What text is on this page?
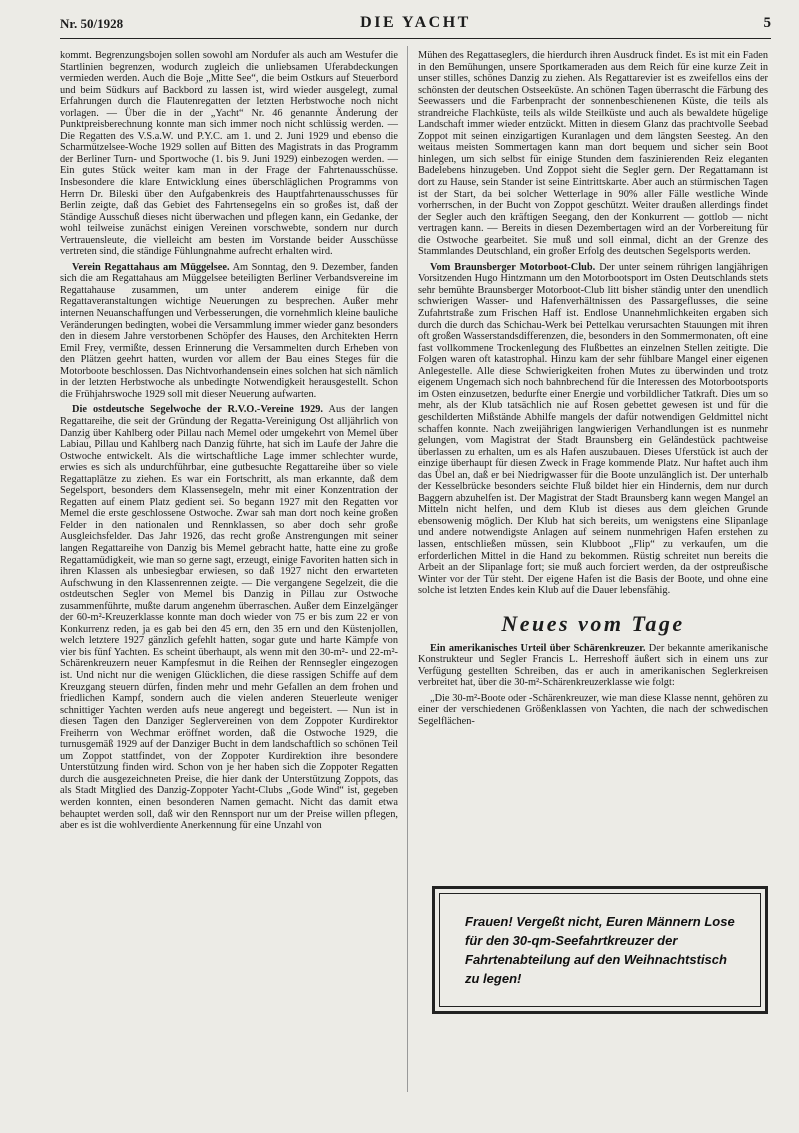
Nr. 50/1928	DIE YACHT	5

kommt. Begrenzungsbojen sollen sowohl am Nordufer als auch am Westufer die Startlinien begrenzen, wodurch zugleich die unliebsamen Uferabdeckungen vermieden werden. Auch die Boje „Mitte See“, die beim Ostkurs auf Steuerbord und beim Südkurs auf Backbord zu lassen ist, wird wieder ausgelegt, zumal Erfahrungen durch die Flautenregatten der letzten Herbstwoche noch nicht vorlagen. — Über die in der „Yacht“ Nr. 46 genannte Änderung der Punktpreisberechnung konnte man sich immer noch nicht schlüssig werden. — Die Regatten des V.S.a.W. und P.Y.C. am 1. und 2. Juni 1929 und ebenso die Scharmützelsee-Woche 1929 sollen auf Bitten des Magistrats in das Programm der Berliner Turn- und Sportwoche (1. bis 9. Juni 1929) einbezogen werden. — Ein gutes Stück weiter kam man in der Frage der Fahrtenausschüsse. Insbesondere die klare Entwicklung eines überschläglichen Programms von Herrn Dr. Bileski über den Aufgabenkreis des Hauptfahrtenausschusses für Berlin zeigte, daß das Gebiet des Fahrtensegelns ein so großes ist, daß der Ständige Ausschuß dieses nicht überwachen und pflegen kann, ein Gedanke, der wohl teilweise zunächst einigen Vereinen vorschwebte, sondern nur durch Vertrauensleute, die vielleicht am besten im Vorstande beider Ausschüsse vertreten sind, die ständige Fühlungnahme aufrecht erhalten wird.

Verein Regattahaus am Müggelsee. Am Sonntag, den 9. Dezember, fanden sich die am Regattahaus am Müggelsee beteiligten Berliner Verbandsvereine im Regattahause zusammen, um unter anderem einige für die Regattaveranstaltungen wichtige Neuerungen zu besprechen. Außer mehr internen Neuanschaffungen und Verbesserungen, die vornehmlich kleine bauliche Veränderungen bedingten, wobei die Versammlung immer wieder ganz besonders den in diesem Jahre verstorbenen Schöpfer des Hauses, den Architekten Herrn Emil Frey, vermißte, dessen Erinnerung die Versammelten durch Erheben von den Plätzen geehrt hatten, wurden vor allem der Bau eines Steges für die Motorboote beschlossen. Das Nichtvorhandensein eines solchen hat sich nämlich in der letzten Herbstwoche als unbedingte Notwendigkeit herausgestellt. Schon die Frühjahrswoche 1929 soll mit dieser Neuerung aufwarten.

Die ostdeutsche Segelwoche der R.V.O.-Vereine 1929. Aus der langen Regattareihe, die seit der Gründung der Regatta-Vereinigung Ost alljährlich von Danzig über Kahlberg oder Pillau nach Memel oder umgekehrt von Memel über Labiau, Pillau und Kahlberg nach Danzig führte, hat sich im Laufe der Jahre die Ostwoche entwickelt. Als die wirtschaftliche Lage immer schlechter wurde, erwies es sich als undurchführbar, eine gutbesuchte Regattareihe über so viele Regattaplätze zu ziehen. Es war ein Fortschritt, als man erkannte, daß dem Segelsport, besonders dem Klassensegeln, mehr mit einer Konzentration der Regatten auf einem Platz gedient sei. So begann 1927 mit den Regatten vor Memel die erste geschlossene Ostwoche. Zwar sah man dort noch keine großen Felder in den nationalen und Rennklassen, so aber doch sehr große Ausgleichsfelder. Das Jahr 1926, das recht große Anstrengungen mit seiner langen Regattareihe von Danzig bis Memel gebracht hatte, hatte eine zu große Regattamüdigkeit, wie man so gerne sagt, erzeugt, einige Favoriten hatten sich in ihren Klassen als unbesiegbar erwiesen, so daß 1927 nicht den erwarteten Aufschwung in den Klassenrennen zeigte. — Die vergangene Segelzeit, die die ostdeutschen Segler von Memel bis Danzig in Pillau zur Ostwoche zusammenführte, mußte darum angenehm überraschen. Außer dem Einzelgänger der 60-m²-Kreuzerklasse konnte man doch wieder von 75 er bis zum 22 er von Konkurrenz reden, ja es gab bei den 45 ern, den 35 ern und den Küstenjollen, welch letztere 1927 gänzlich gefehlt hatten, sogar gute und harte Kämpfe von vier bis fünf Yachten. Es scheint überhaupt, als wenn mit den 30-m²- und 22-m²-Schärenkreuzern neuer Kampfesmut in die Reihen der Rennsegler eingezogen ist. Und nicht nur die wenigen Glücklichen, die diese rassigen Schiffe auf dem Kreuzgang steuern dürfen, finden mehr und mehr Gefallen an dem frohen und friedlichen Kampf, sondern auch die vielen anderen Steuerleute weniger schnittiger Yachten werden aufs neue angeregt und begeistert. — Nun ist in diesen Tagen den Danziger Seglervereinen von dem Zoppoter Kurdirektor Freiherrn von Wechmar eröffnet worden, daß die Ostwoche 1929, die turnusgemäß 1929 auf der Danziger Bucht in dem landschaftlich so schönen Teil um Zoppot stattfindet, von der Zoppoter Kurdirektion ihre besondere Unterstützung finden wird. Schon von je her haben sich die Zoppoter Regatten durch die ausgezeichneten Preise, die hier dank der Unterstützung Zoppots, das als Stadt Mitglied des Danzig-Zoppoter Yacht-Clubs „Gode Wind“ ist, gegeben werden konnten, einen besonderen Namen gemacht. Nicht das damit etwa behauptet werden soll, daß wir den Rennsport nur um der Preise willen pflegen, aber es ist die wohlverdiente Anerkennung für eine Unzahl von

Mühen des Regattaseglers, die hierdurch ihren Ausdruck findet. Es ist mit ein Faden in den Bemühungen, unsere Sportkameraden aus dem Reich für eine kurze Zeit in unser stilles, schönes Danzig zu ziehen. Als Regattarevier ist es zweifellos eins der schönsten der deutschen Ostseeküste. An schönen Tagen überrascht die Färbung des Seewassers und die Farbenpracht der sonnenbeschienenen Küste, die teils als strandreiche Flachküste, teils als wilde Steilküste und auch als bewaldete hügelige Landschaft immer wieder entzückt. Mitten in diesem Glanz das prachtvolle Seebad Zoppot mit seinen einzigartigen Kuranlagen und dem längsten Seesteg. An den weitaus meisten Sommertagen kann man dort bequem und sicher sein Boot hinlegen, um sich selbst für einige Stunden dem faszinierenden Reiz eleganten Badelebens hinzugeben. Und Zoppot sieht die Segler gern. Der Regattamann ist dort zu Hause, sein Stander ist seine Eintrittskarte. Aber auch an stürmischen Tagen ist der Start, da bei solcher Wetterlage in 90% aller Fälle westliche Winde vorherrschen, in der Bucht von Zoppot geschützt. Weiter draußen allerdings findet der Segler auch den kräftigen Seegang, den der Konkurrent — gottlob — nicht vertragen kann. — Bereits in diesen Dezembertagen wird an der Vorbereitung für die Ostwoche gearbeitet. Sie muß und soll einmal, dicht an der Grenze des Stammlandes Deutschland, ein großer Erfolg des deutschen Segelsports werden.

Vom Braunsberger Motorboot-Club. Der unter seinem rührigen langjährigen Vorsitzenden Hugo Hintzmann um den Motorbootsport im Osten Deutschlands stets sehr bemühte Braunsberger Motorboot-Club litt bisher ständig unter den unendlich schwierigen Wasser- und Hafenverhältnissen des Passargeflusses, die seine Zufahrtstraße zum Frischen Haff ist. Endlose Unannehmlichkeiten ergaben sich durch die durch das Schichau-Werk bei Pettelkau verursachten Stauungen mit ihren oft großen Wasserstandsdifferenzen, die, besonders in den Sommermonaten, oft eine fast vollkommene Trockenlegung des Flußbettes an einzelnen Stellen zeitigte. Die Folgen waren oft katastrophal. Hinzu kam der sehr fühlbare Mangel einer eigenen Anlegestelle. Alle diese Schwierigkeiten frohen Mutes zu überwinden und trotz eigenem Ungemach sich noch bahnbrechend für die Interessen des Motorbootsports im Osten einzusetzen, bedurfte einer Energie und vorbildlicher Tatkraft. Dies um so mehr, als der Klub tatsächlich nie auf Rosen gebettet gewesen ist und für die geschilderten Mißstände Abhilfe mangels der dafür notwendigen Geldmittel nicht schaffen konnte. Nach zweijährigen langwierigen Verhandlungen ist es nunmehr gelungen, vom Magistrat der Stadt Braunsberg ein Geländestück pachtweise überlassen zu erhalten, um es als Hafen auszubauen. Dieses Uferstück ist auch der einzige überhaupt für diesen Zweck in Frage kommende Platz. Nur haftet auch ihm das Übel an, daß er bei Niedrigwasser für die Boote unzulänglich ist. Der unterhalb der Kesselbrücke besonders seichte Fluß bildet hier ein Hindernis, dem nur durch Baggern abzuhelfen ist. Der Magistrat der Stadt Braunsberg kann wegen Mangel an Mitteln nicht helfen, und dem Klub ist dieses aus dem gleichen Grunde ebensowenig möglich. Der Klub hat sich bereits, um wenigstens eine Slipanlage und andere notwendigste Anlagen auf seinem nunmehrigen Hafen erstehen zu lassen, entschließen müssen, sein Klubboot „Flip“ zu verkaufen, um die erforderlichen Mittel in die Hand zu bekommen. Rüstig schreitet nun bereits die Arbeit an der Slipanlage fort; sie muß auch forciert werden, da der ostpreußische Winter vor der Tür steht. Der eigene Hafen ist die Basis der Boote, und ohne eine solche ist letzten Endes kein Klub auf die Dauer lebensfähig.

Neues vom Tage

Ein amerikanisches Urteil über Schärenkreuzer. Der bekannte amerikanische Konstrukteur und Segler Francis L. Herreshoff äußert sich in einem uns zur Verfügung gestellten Schreiben, das er auch in amerikanischen Seglerkreisen verbreitet hat, über die 30-m²-Schärenkreuzerklasse wie folgt:

„Die 30-m²-Boote oder -Schärenkreuzer, wie man diese Klasse nennt, gehören zu einer der verschiedenen Größenklassen von Yachten, die nach der schwedischen Segelflächen-

Frauen! Vergeßt nicht, Euren Männern Lose für den 30-qm-Seefahrtkreuzer der Fahrtenabteilung auf den Weihnachtstisch zu legen!
